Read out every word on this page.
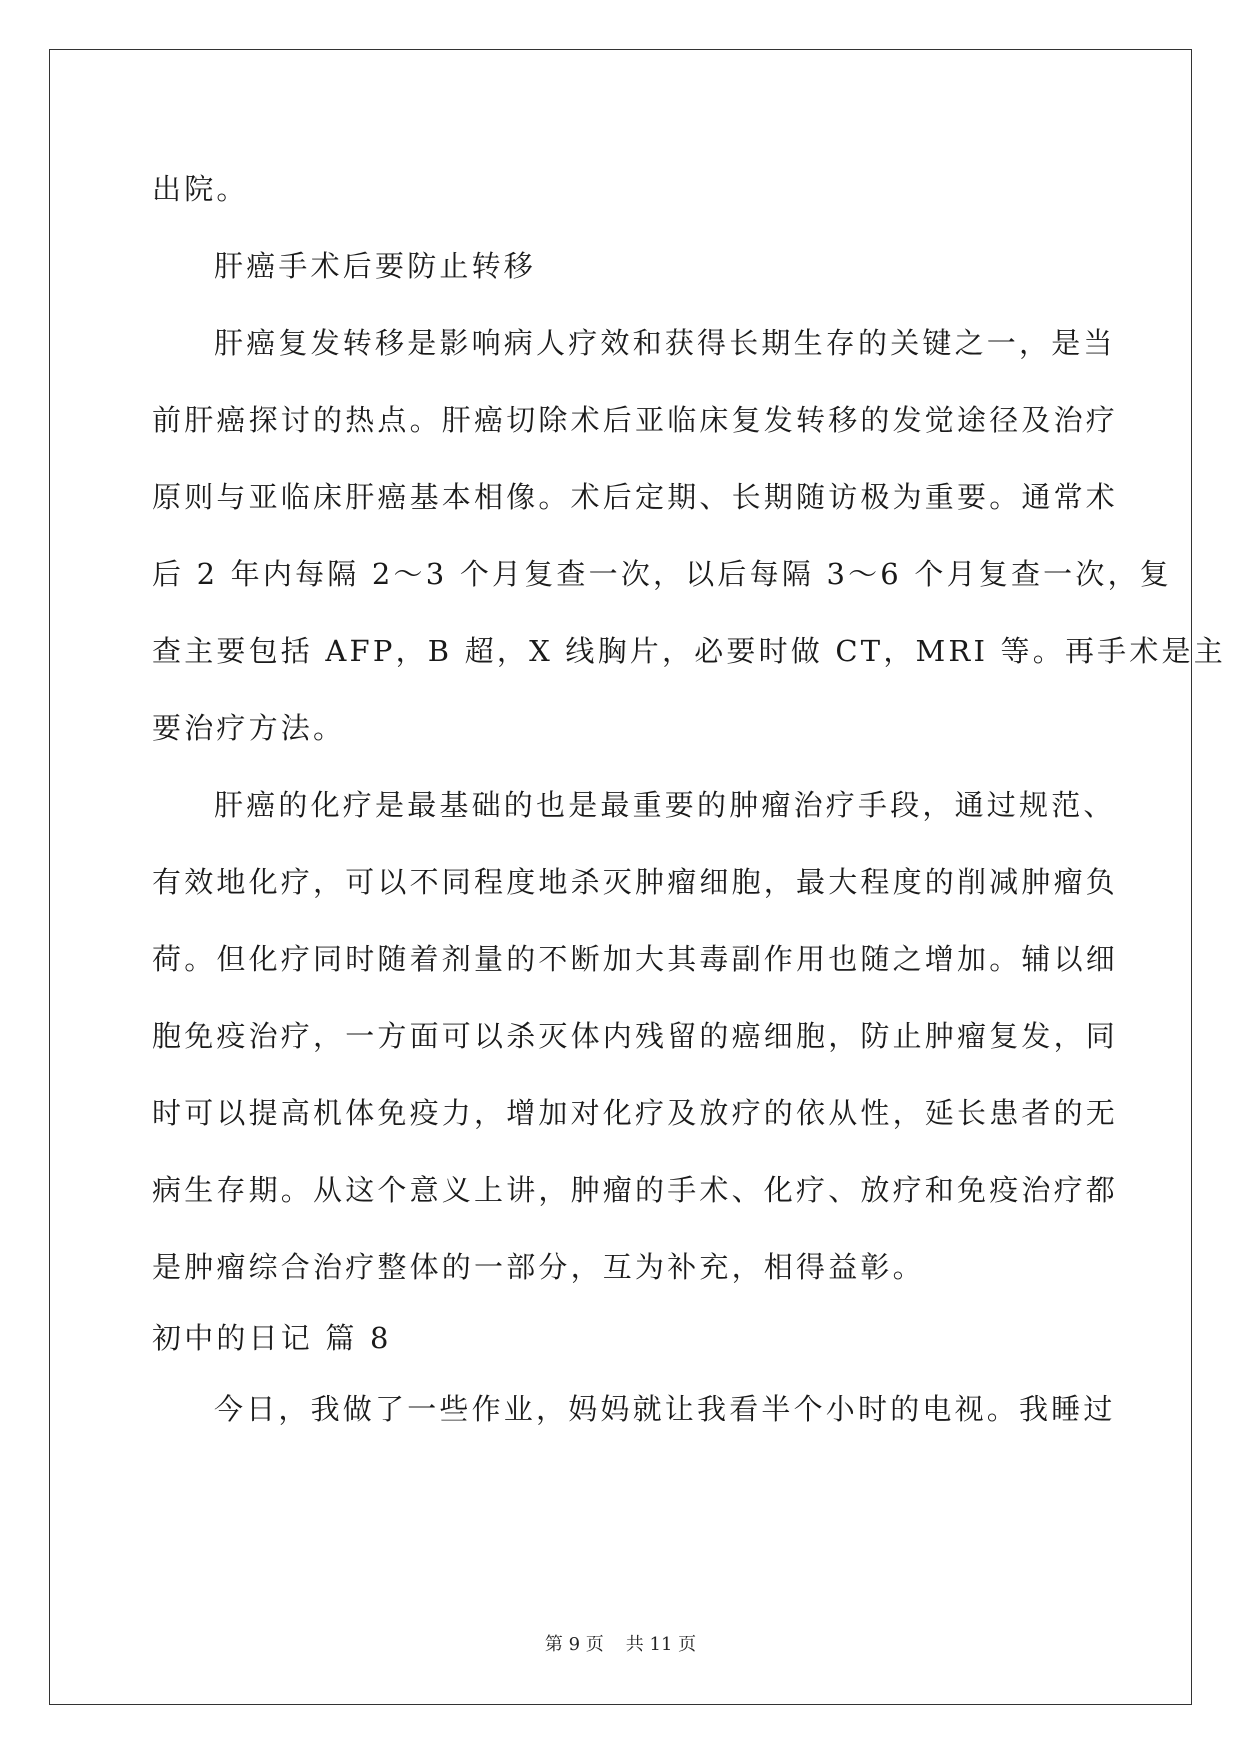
出院。
肝癌手术后要防止转移
肝癌复发转移是影响病人疗效和获得长期生存的关键之一，是当
前肝癌探讨的热点。肝癌切除术后亚临床复发转移的发觉途径及治疗
原则与亚临床肝癌基本相像。术后定期、长期随访极为重要。通常术
后 2 年内每隔 2～3 个月复查一次，以后每隔 3～6 个月复查一次，复
查主要包括 AFP，B 超，X 线胸片，必要时做 CT，MRI 等。再手术是主
要治疗方法。
肝癌的化疗是最基础的也是最重要的肿瘤治疗手段，通过规范、
有效地化疗，可以不同程度地杀灭肿瘤细胞，最大程度的削减肿瘤负
荷。但化疗同时随着剂量的不断加大其毒副作用也随之增加。辅以细
胞免疫治疗，一方面可以杀灭体内残留的癌细胞，防止肿瘤复发，同
时可以提高机体免疫力，增加对化疗及放疗的依从性，延长患者的无
病生存期。从这个意义上讲，肿瘤的手术、化疗、放疗和免疫治疗都
是肿瘤综合治疗整体的一部分，互为补充，相得益彰。
初中的日记 篇 8
今日，我做了一些作业，妈妈就让我看半个小时的电视。我睡过
第 9 页 共 11 页
